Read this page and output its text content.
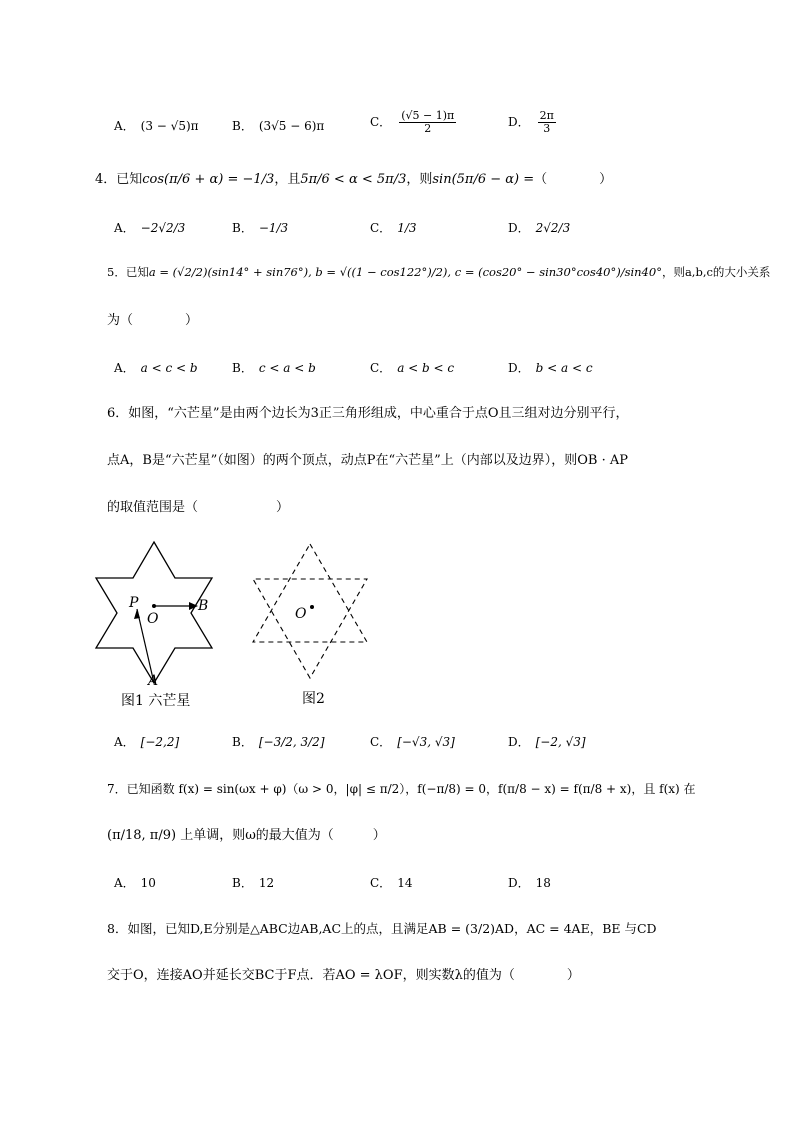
A． (3 − √5)π	B． (3√5 − 6)π	C． $\frac{(√5 - 1)\pi}{2}$	D． $\frac{2\pi}{3}$
4．已知cos(π/6 + α) = −1/3，且5π/6 < α < 5π/3，则sin(5π/6 − α) =（　　　　）
A． −2√2/3	B． −1/3	C． 1/3	D． 2√2/3
5．已知a = (√2/2)(sin14° + sin76°), b = √((1 − cos122°)/2), c = (cos20° − sin30°cos40°)/sin40°，则a,b,c的大小关系
为（　　　　）
A． a < c < b	B． c < a < b	C． a < b < c	D． b < a < c
6．如图，“六芒星”是由两个边长为3正三角形组成，中心重合于点O且三组对边分别平行，
点A，B是“六芒星”（如图）的两个顶点，动点P在“六芒星”上（内部以及边界），则OB · AP
的取值范围是（　　　　　　）
P
O
B
A
图1 六芒星
O
图2
A． [−2,2]	B． [−3/2, 3/2]	C． [−√3, √3]	D． [−2, √3]
7．已知函数 f(x) = sin(ωx + φ)（ω > 0，|φ| ≤ π/2），f(−π/8) = 0，f(π/8 − x) = f(π/8 + x)，且 f(x) 在
(π/18, π/9) 上单调，则ω的最大值为（　　　）
A． 10	B． 12	C． 14	D． 18
8．如图，已知D,E分别是△ABC边AB,AC上的点，且满足AB = (3/2)AD，AC = 4AE，BE 与CD
交于O，连接AO并延长交BC于F点．若AO = λOF，则实数λ的值为（　　　　）
